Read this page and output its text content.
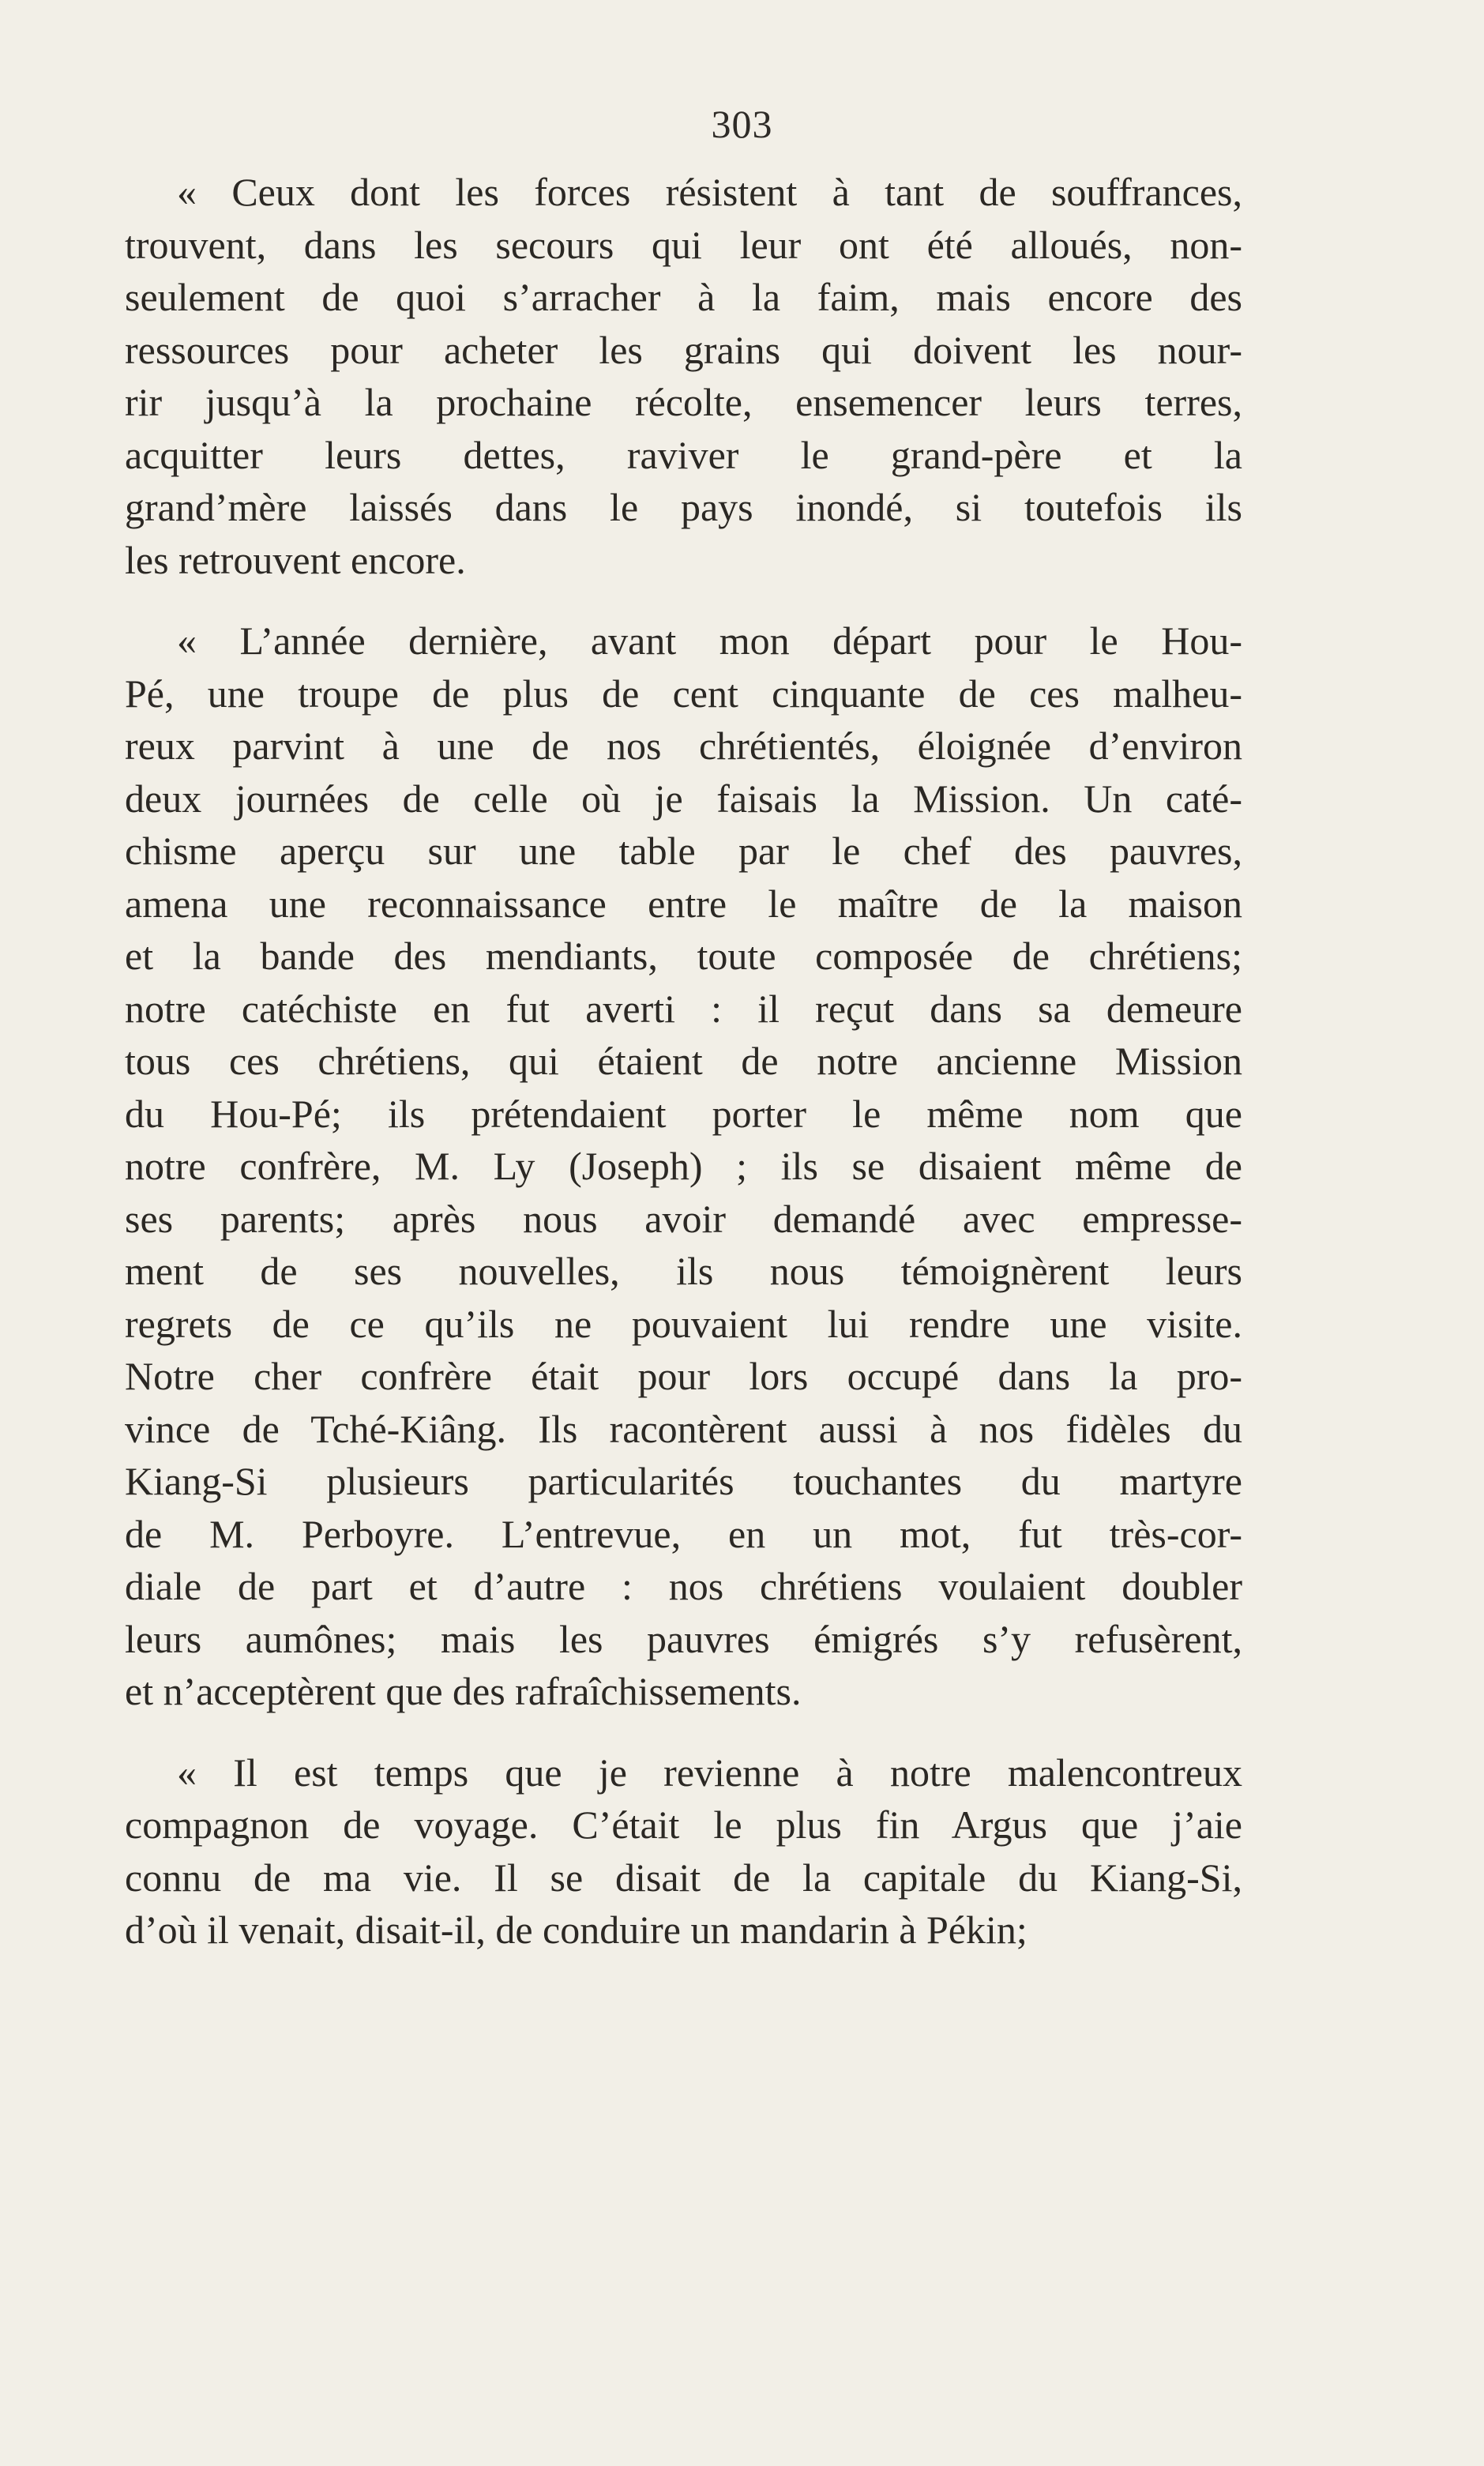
303
« Ceux dont les forces résistent à tant de souffrances,
trouvent, dans les secours qui leur ont été alloués, non-
seulement de quoi s’arracher à la faim, mais encore des
ressources pour acheter les grains qui doivent les nour-
rir jusqu’à la prochaine récolte, ensemencer leurs terres,
acquitter leurs dettes, raviver le grand-père et la
grand’mère laissés dans le pays inondé, si toutefois ils
les retrouvent encore.
« L’année dernière, avant mon départ pour le Hou-
Pé, une troupe de plus de cent cinquante de ces malheu-
reux parvint à une de nos chrétientés, éloignée d’environ
deux journées de celle où je faisais la Mission. Un caté-
chisme aperçu sur une table par le chef des pauvres,
amena une reconnaissance entre le maître de la maison
et la bande des mendiants, toute composée de chrétiens;
notre catéchiste en fut averti : il reçut dans sa demeure
tous ces chrétiens, qui étaient de notre ancienne Mission
du Hou-Pé; ils prétendaient porter le même nom que
notre confrère, M. Ly (Joseph) ; ils se disaient même de
ses parents; après nous avoir demandé avec empresse-
ment de ses nouvelles, ils nous témoignèrent leurs
regrets de ce qu’ils ne pouvaient lui rendre une visite.
Notre cher confrère était pour lors occupé dans la pro-
vince de Tché-Kiâng. Ils racontèrent aussi à nos fidèles du
Kiang-Si plusieurs particularités touchantes du martyre
de M. Perboyre. L’entrevue, en un mot, fut très-cor-
diale de part et d’autre : nos chrétiens voulaient doubler
leurs aumônes; mais les pauvres émigrés s’y refusèrent,
et n’acceptèrent que des rafraîchissements.
« Il est temps que je revienne à notre malencontreux
compagnon de voyage. C’était le plus fin Argus que j’aie
connu de ma vie. Il se disait de la capitale du Kiang-Si,
d’où il venait, disait-il, de conduire un mandarin à Pékin;
